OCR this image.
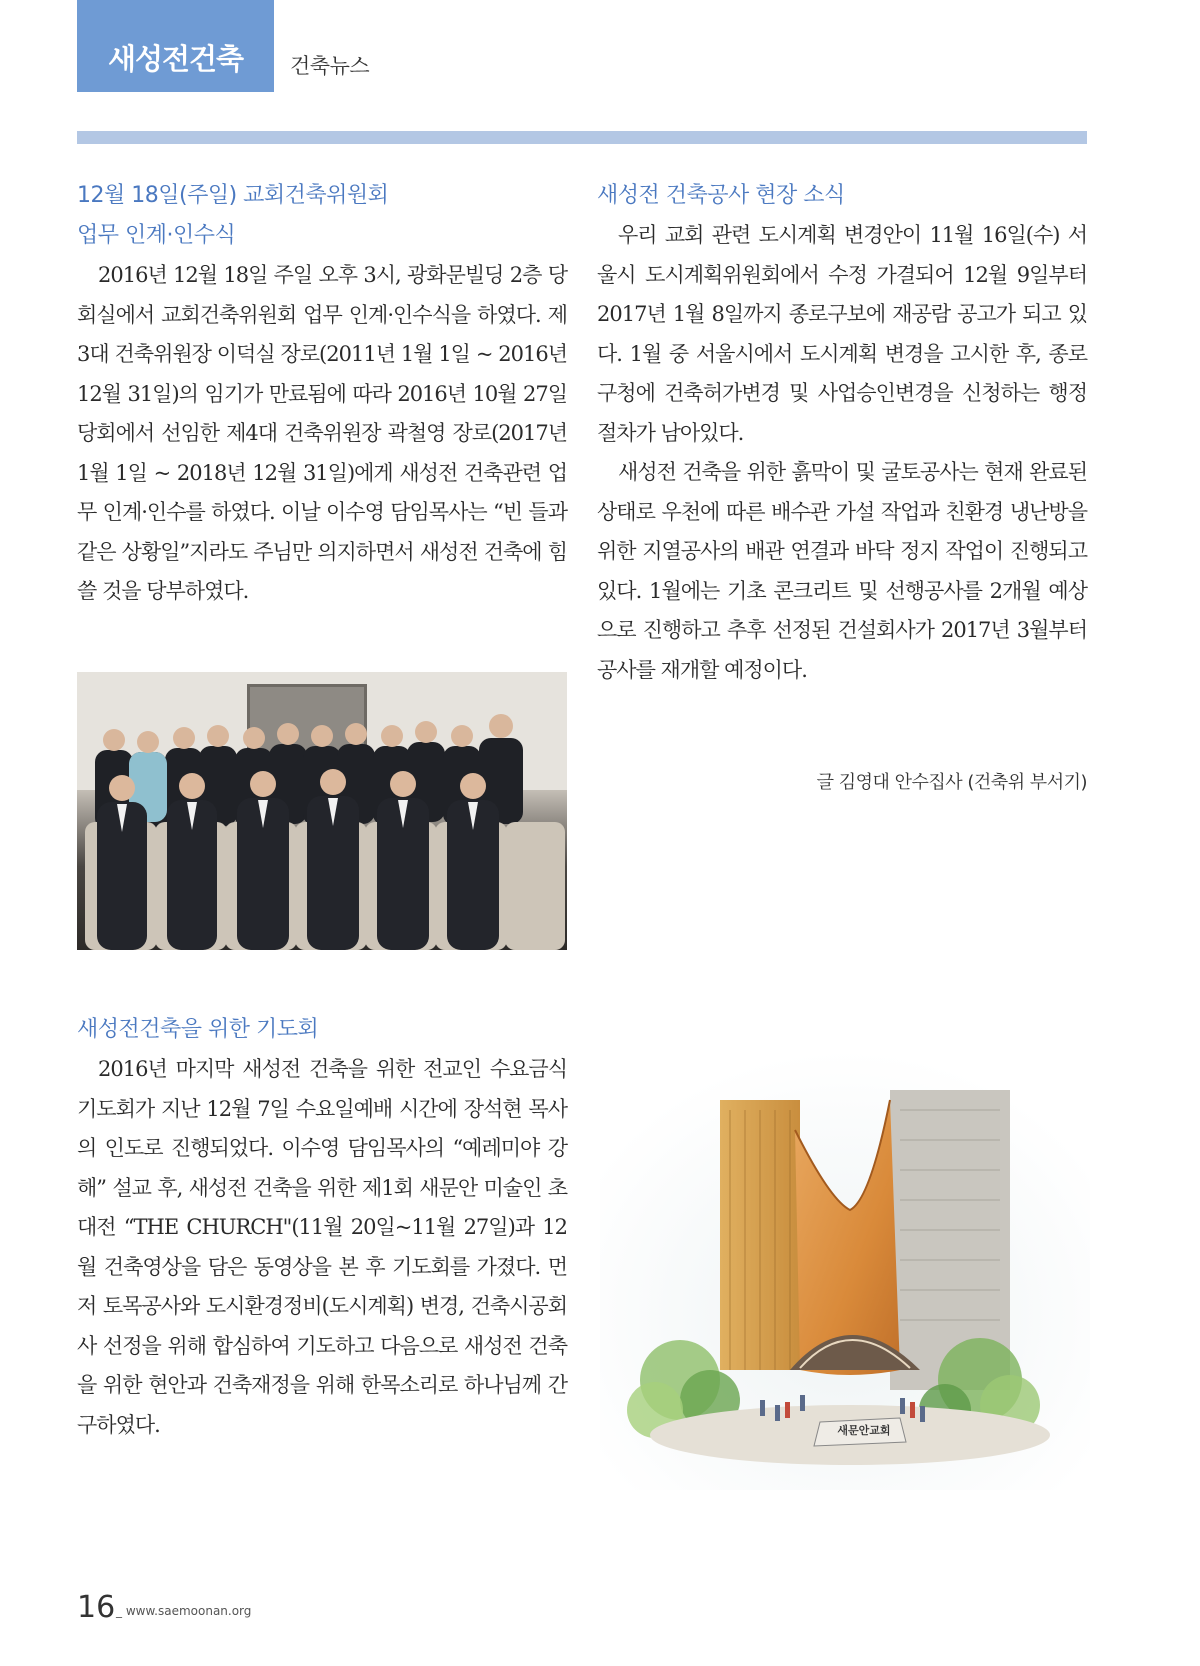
새성전건축 건축뉴스
12월 18일(주일) 교회건축위원회
업무 인계·인수식

2016년 12월 18일 주일 오후 3시, 광화문빌딩 2층 당회실에서 교회건축위원회 업무 인계·인수식을 하였다. 제3대 건축위원장 이덕실 장로(2011년 1월 1일 ~ 2016년 12월 31일)의 임기가 만료됨에 따라 2016년 10월 27일 당회에서 선임한 제4대 건축위원장 곽철영 장로(2017년 1월 1일 ~ 2018년 12월 31일)에게 새성전 건축관련 업무 인계·인수를 하였다. 이날 이수영 담임목사는 “빈 들과 같은 상황일”지라도 주님만 의지하면서 새성전 건축에 힘쓸 것을 당부하였다.

새성전 건축공사 현장 소식

우리 교회 관련 도시계획 변경안이 11월 16일(수) 서울시 도시계획위원회에서 수정 가결되어 12월 9일부터 2017년 1월 8일까지 종로구보에 재공람 공고가 되고 있다. 1월 중 서울시에서 도시계획 변경을 고시한 후, 종로구청에 건축허가변경 및 사업승인변경을 신청하는 행정절차가 남아있다.

새성전 건축을 위한 흙막이 및 굴토공사는 현재 완료된 상태로 우천에 따른 배수관 가설 작업과 친환경 냉난방을 위한 지열공사의 배관 연결과 바닥 정지 작업이 진행되고 있다. 1월에는 기초 콘크리트 및 선행공사를 2개월 예상으로 진행하고 추후 선정된 건설회사가 2017년 3월부터 공사를 재개할 예정이다.

글 김영대 안수집사 (건축위 부서기)
새성전건축을 위한 기도회

2016년 마지막 새성전 건축을 위한 전교인 수요금식기도회가 지난 12월 7일 수요일예배 시간에 장석현 목사의 인도로 진행되었다. 이수영 담임목사의 “예레미야 강해” 설교 후, 새성전 건축을 위한 제1회 새문안 미술인 초대전 “THE CHURCH"(11월 20일~11월 27일)과 12월 건축영상을 담은 동영상을 본 후 기도회를 가졌다. 먼저 토목공사와 도시환경정비(도시계획) 변경, 건축시공회사 선정을 위해 합심하여 기도하고 다음으로 새성전 건축을 위한 현안과 건축재정을 위해 한목소리로 하나님께 간구하였다.	새문안교회
16 _ www.saemoonan.org
